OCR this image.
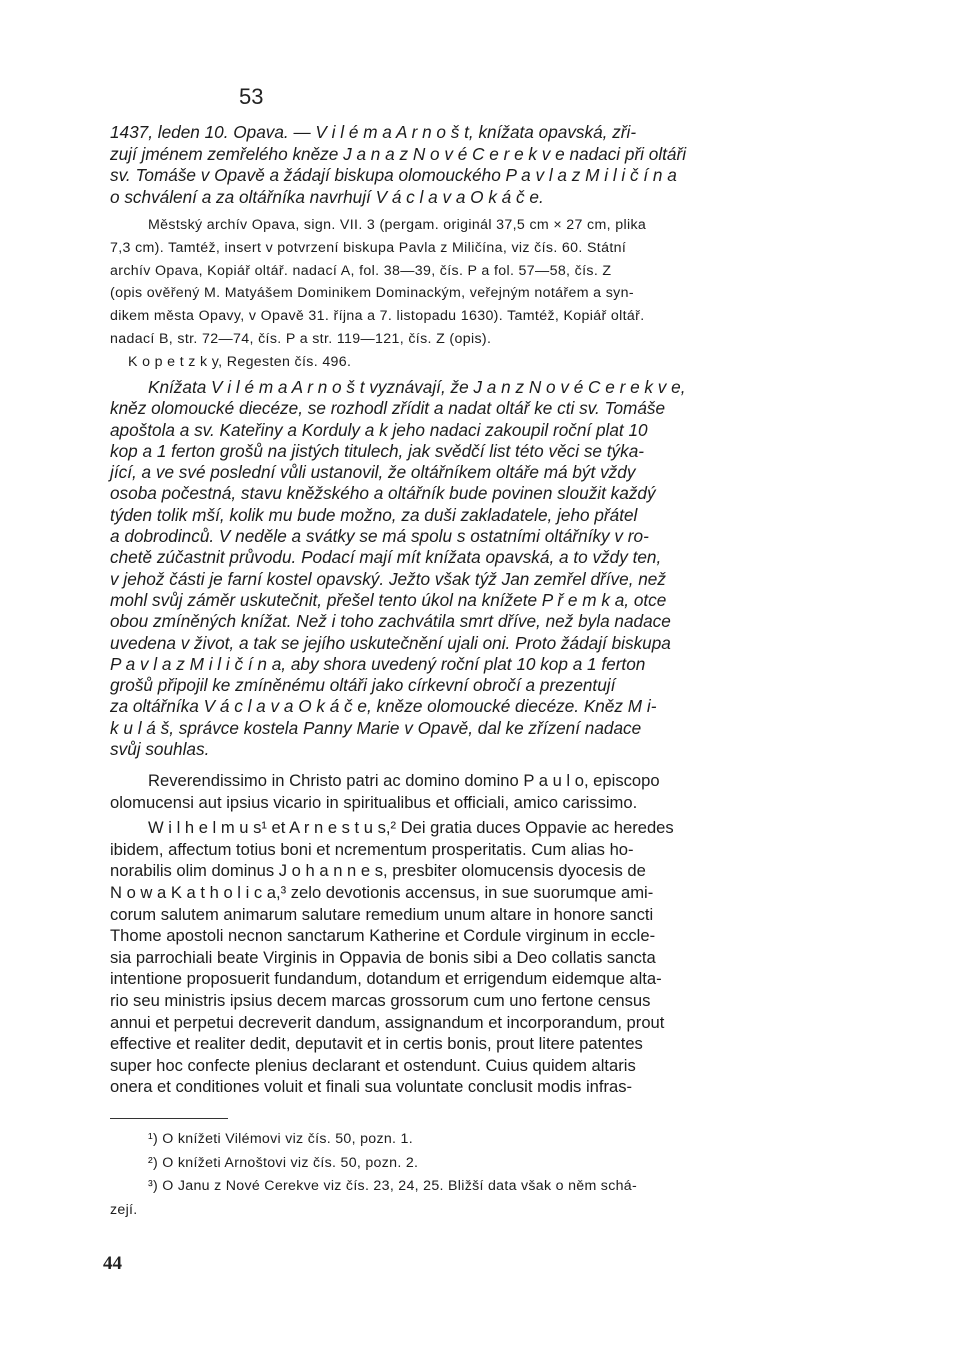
53
1437, leden 10. Opava. — V i l é m a A r n o š t, knížata opavská, zři-
zují jménem zemřelého kněze J a n a z N o v é C e r e k v e nadaci při oltáři
sv. Tomáše v Opavě a žádají biskupa olomouckého P a v l a z M i l i č í n a
o schválení a za oltářníka navrhují V á c l a v a O k á č e.
Městský archív Opava, sign. VII. 3 (pergam. originál 37,5 cm × 27 cm, plika
7,3 cm). Tamtéž, insert v potvrzení biskupa Pavla z Miličína, viz čís. 60. Státní
archív Opava, Kopiář oltář. nadací A, fol. 38—39, čís. P a fol. 57—58, čís. Z
(opis ověřený M. Matyášem Dominikem Dominackým, veřejným notářem a syn-
dikem města Opavy, v Opavě 31. října a 7. listopadu 1630). Tamtéž, Kopiář oltář.
nadací B, str. 72—74, čís. P a str. 119—121, čís. Z (opis).
K o p e t z k y, Regesten čís. 496.
Knížata V i l é m a A r n o š t vyznávají, že J a n z N o v é C e r e k v e,
kněz olomoucké diecéze, se rozhodl zřídit a nadat oltář ke cti sv. Tomáše
apoštola a sv. Kateřiny a Korduly a k jeho nadaci zakoupil roční plat 10
kop a 1 ferton grošů na jistých titulech, jak svědčí list této věci se týka-
jící, a ve své poslední vůli ustanovil, že oltářníkem oltáře má být vždy
osoba počestná, stavu kněžského a oltářník bude povinen sloužit každý
týden tolik mší, kolik mu bude možno, za duši zakladatele, jeho přátel
a dobrodinců. V neděle a svátky se má spolu s ostatními oltářníky v ro-
chetě zúčastnit průvodu. Podací mají mít knížata opavská, a to vždy ten,
v jehož části je farní kostel opavský. Ježto však týž Jan zemřel dříve, než
mohl svůj záměr uskutečnit, přešel tento úkol na knížete P ř e m k a, otce
obou zmíněných knížat. Než i toho zachvátila smrt dříve, než byla nadace
uvedena v život, a tak se jejího uskutečnění ujali oni. Proto žádají biskupa
P a v l a z M i l i č í n a, aby shora uvedený roční plat 10 kop a 1 ferton
grošů připojil ke zmíněnému oltáři jako církevní obročí a prezentují
za oltářníka V á c l a v a O k á č e, kněze olomoucké diecéze. Kněz M i-
k u l á š, správce kostela Panny Marie v Opavě, dal ke zřízení nadace
svůj souhlas.
Reverendissimo in Christo patri ac domino domino P a u l o, episcopo
olomucensi aut ipsius vicario in spiritualibus et officiali, amico carissimo.
W i l h e l m u s¹ et A r n e s t u s,² Dei gratia duces Oppavie ac heredes
ibidem, affectum totius boni et ncrementum prosperitatis. Cum alias ho-
norabilis olim dominus J o h a n n e s, presbiter olomucensis dyocesis de
N o w a K a t h o l i c a,³ zelo devotionis accensus, in sue suorumque ami-
corum salutem animarum salutare remedium unum altare in honore sancti
Thome apostoli necnon sanctarum Katherine et Cordule virginum in eccle-
sia parrochiali beate Virginis in Oppavia de bonis sibi a Deo collatis sancta
intentione proposuerit fundandum, dotandum et errigendum eidemque alta-
rio seu ministris ipsius decem marcas grossorum cum uno fertone census
annui et perpetui decreverit dandum, assignandum et incorporandum, prout
effective et realiter dedit, deputavit et in certis bonis, prout litere patentes
super hoc confecte plenius declarant et ostendunt. Cuius quidem altaris
onera et conditiones voluit et finali sua voluntate conclusit modis infras-
¹) O knížeti Vilémovi viz čís. 50, pozn. 1.
²) O knížeti Arnoštovi viz čís. 50, pozn. 2.
³) O Janu z Nové Cerekve viz čís. 23, 24, 25. Bližší data však o něm schá-
zejí.
44
